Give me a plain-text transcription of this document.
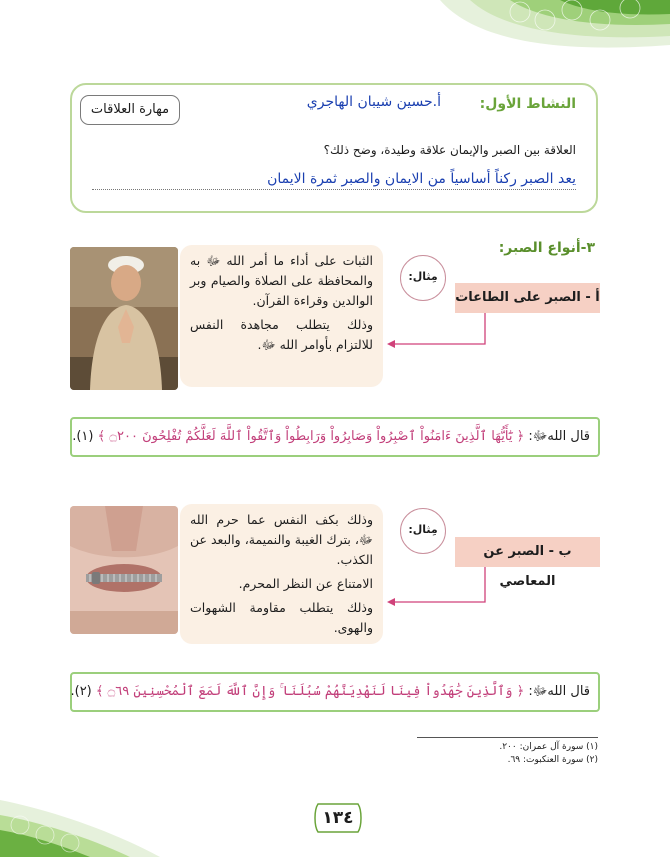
النشاط الأول:
أ.حسين شيبان الهاجري
مهارة العلاقات
العلاقة بين الصبر والإيمان علاقة وطيدة، وضح ذلك؟
يعد الصبر ركناً أساسياً من الايمان والصبر ثمرة الايمان
٣-أنواع الصبر:
مِثال:
أ - الصبر على الطاعات

الثبات على أداء ما أمر الله ﷻ به والمحافظة على الصلاة والصيام وبر الوالدين وقراءة القرآن.

وذلك يتطلب مجاهدة النفس للالتزام بأوامر الله ﷻ.

قال اللهﷻ: ﴿ يَٰٓأَيُّهَا ٱلَّذِينَ ءَامَنُواْ ٱصْبِرُواْ وَصَابِرُواْ وَرَابِطُواْ وَٱتَّقُواْ ٱللَّهَ لَعَلَّكُمْ تُفْلِحُونَ ۝٢٠٠ ﴾ (١).
مِثال:
ب - الصبر عن المعاصي

وذلك بكف النفس عما حرم الله ﷻ، بترك الغيبة والنميمة، والبعد عن الكذب.

الامتناع عن النظر المحرم.

وذلك يتطلب مقاومة الشهوات والهوى.

قال اللهﷻ: ﴿ وَٱلَّذِينَ جَٰهَدُواْ فِينَا لَنَهْدِيَنَّهُمْ سُبُلَنَا ۚ وَإِنَّ ٱللَّهَ لَمَعَ ٱلْمُحْسِنِينَ ۝٦٩ ﴾ (٢).
(١) سورة آل عمران: ٢٠٠.
(٢) سورة العنكبوت: ٦٩.
١٣٤
